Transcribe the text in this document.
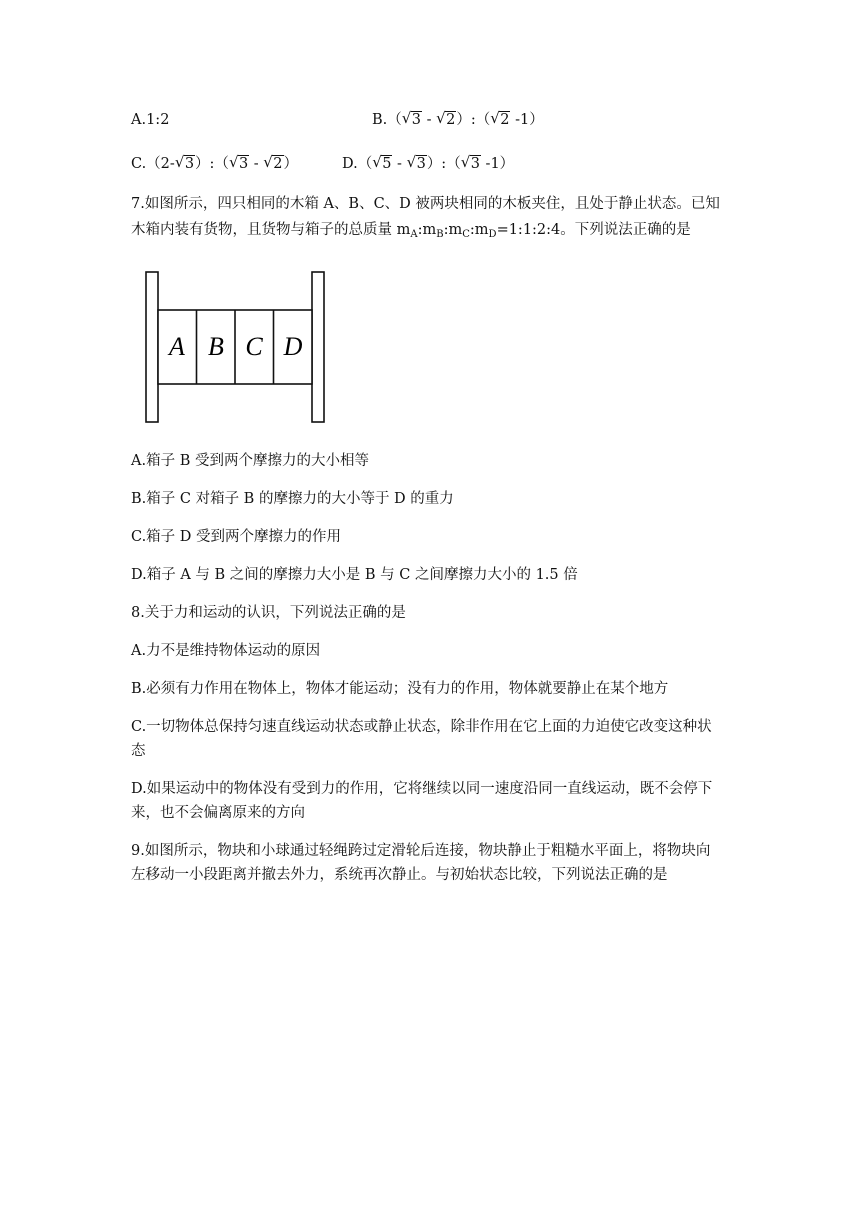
A.1:2	B.（ √ 3 - √ 2）:（ √ 2 -1）
C.（2- √ 3）:（ √ 3 - √ 2）	D.（ √ 5 - √ 3）:（ √ 3 -1）
7.如图所示，四只相同的木箱 A、B、C、D 被两块相同的木板夹住，且处于静止状态。已知
木箱内装有货物，且货物与箱子的总质量 $m_A:m_B:m_C:m_D=1:1:2:4$。下列说法正确的是
A B C D
A.箱子 B 受到两个摩擦力的大小相等
B.箱子 C 对箱子 B 的摩擦力的大小等于 D 的重力
C.箱子 D 受到两个摩擦力的作用
D.箱子 A 与 B 之间的摩擦力大小是 B 与 C 之间摩擦力大小的 1.5 倍
8.关于力和运动的认识，下列说法正确的是
A.力不是维持物体运动的原因
B.必须有力作用在物体上，物体才能运动；没有力的作用，物体就要静止在某个地方
C.一切物体总保持匀速直线运动状态或静止状态，除非作用在它上面的力迫使它改变这种状
态
D.如果运动中的物体没有受到力的作用，它将继续以同一速度沿同一直线运动，既不会停下
来，也不会偏离原来的方向
9.如图所示，物块和小球通过轻绳跨过定滑轮后连接，物块静止于粗糙水平面上，将物块向
左移动一小段距离并撤去外力，系统再次静止。与初始状态比较，下列说法正确的是
